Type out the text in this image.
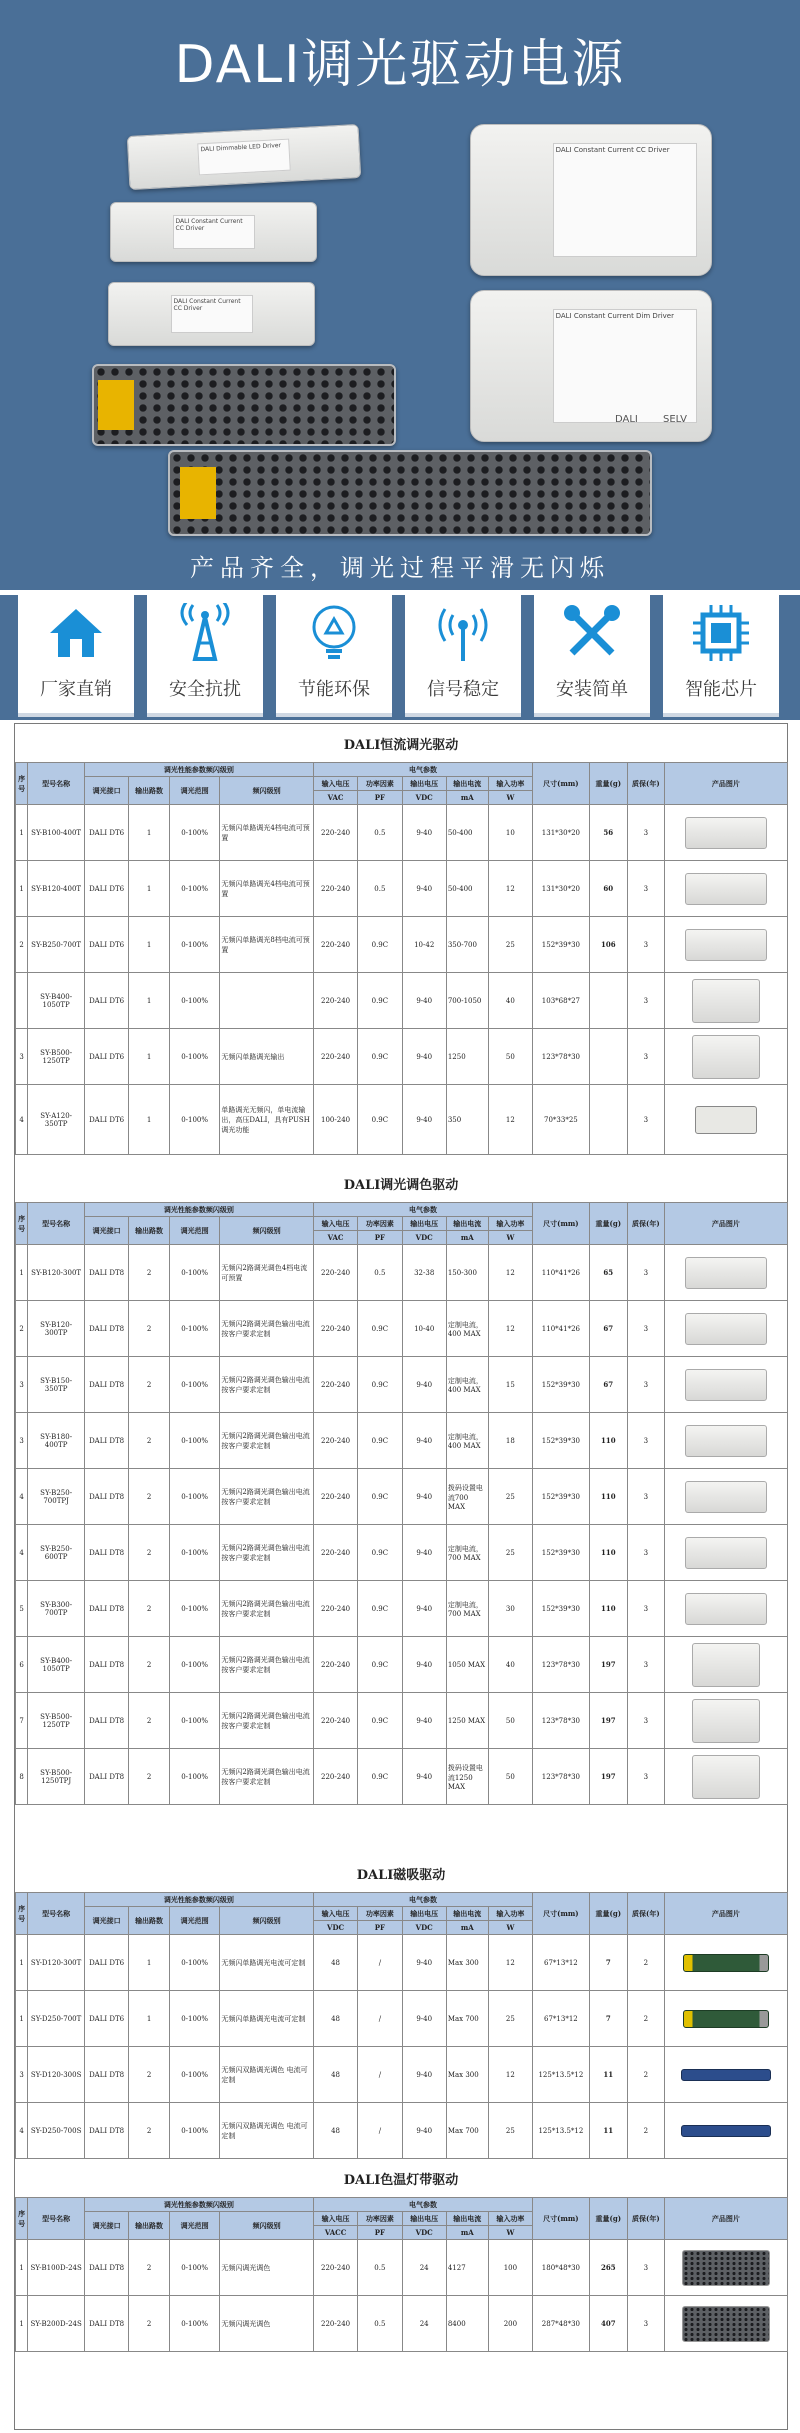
DALI调光驱动电源
DALI Dimmable LED Driver
DALI Constant Current CC Driver
DALI Constant Current CC Driver
DALI Constant Current CC Driver
DALI Constant Current Dim Driver
DALI	SELV
产品齐全，调光过程平滑无闪烁
厂家直销	安全抗扰	节能环保	信号稳定	安装简单	智能芯片
DALI恒流调光驱动
序号	型号名称	调光性能参数频闪级别				电气参数					尺寸(mm)	重量(g)	质保(年)	产品图片
		调光接口	输出路数	调光范围	频闪级别	输入电压	功率因素	输出电压	输出电流	输入功率				
						VAC	PF	VDC	mA	W				
1	SY-B100-400T	DALI DT6	1	0-100%	无频闪单路调光4档电流可预置	220-240	0.5	9-40	50-400	10	131*30*20	56	3	

1	SY-B120-400T	DALI DT6	1	0-100%	无频闪单路调光4档电流可预置	220-240	0.5	9-40	50-400	12	131*30*20	60	3	

2	SY-B250-700T	DALI DT6	1	0-100%	无频闪单路调光8档电流可预置	220-240	0.9C	10-42	350-700	25	152*39*30	106	3	

	SY-B400-1050TP	DALI DT6	1	0-100%		220-240	0.9C	9-40	700-1050	40	103*68*27		3	

3	SY-B500-1250TP	DALI DT6	1	0-100%	无频闪单路调光输出	220-240	0.9C	9-40	1250	50	123*78*30		3	

4	SY-A120-350TP	DALI DT6	1	0-100%	单路调光无频闪，单电流输出，高压DALI，具有PUSH调光功能	100-240	0.9C	9-40	350	12	70*33*25		3	
DALI调光调色驱动
序号	型号名称	调光性能参数频闪级别				电气参数					尺寸(mm)	重量(g)	质保(年)	产品图片
		调光接口	输出路数	调光范围	频闪级别	输入电压	功率因素	输出电压	输出电流	输入功率				
						VAC	PF	VDC	mA	W				
1	SY-B120-300T	DALI DT8	2	0-100%	无频闪2路调光调色4档电流可预置	220-240	0.5	32-38	150-300	12	110*41*26	65	3	

2	SY-B120-300TP	DALI DT8	2	0-100%	无频闪2路调光调色输出电流按客户要求定制	220-240	0.9C	10-40	定制电流，400 MAX	12	110*41*26	67	3	

3	SY-B150-350TP	DALI DT8	2	0-100%	无频闪2路调光调色输出电流按客户要求定制	220-240	0.9C	9-40	定制电流，400 MAX	15	152*39*30	67	3	

3	SY-B180-400TP	DALI DT8	2	0-100%	无频闪2路调光调色输出电流按客户要求定制	220-240	0.9C	9-40	定制电流，400 MAX	18	152*39*30	110	3	

4	SY-B250-700TPJ	DALI DT8	2	0-100%	无频闪2路调光调色输出电流按客户要求定制	220-240	0.9C	9-40	拨码设置电流700 MAX	25	152*39*30	110	3	

4	SY-B250-600TP	DALI DT8	2	0-100%	无频闪2路调光调色输出电流按客户要求定制	220-240	0.9C	9-40	定制电流，700 MAX	25	152*39*30	110	3	

5	SY-B300-700TP	DALI DT8	2	0-100%	无频闪2路调光调色输出电流按客户要求定制	220-240	0.9C	9-40	定制电流，700 MAX	30	152*39*30	110	3	

6	SY-B400-1050TP	DALI DT8	2	0-100%	无频闪2路调光调色输出电流按客户要求定制	220-240	0.9C	9-40	1050 MAX	40	123*78*30	197	3	

7	SY-B500-1250TP	DALI DT8	2	0-100%	无频闪2路调光调色输出电流按客户要求定制	220-240	0.9C	9-40	1250 MAX	50	123*78*30	197	3	

8	SY-B500-1250TPJ	DALI DT8	2	0-100%	无频闪2路调光调色输出电流按客户要求定制	220-240	0.9C	9-40	拨码设置电流1250 MAX	50	123*78*30	197	3	
DALI磁吸驱动
序号	型号名称	调光性能参数频闪级别				电气参数					尺寸(mm)	重量(g)	质保(年)	产品图片
		调光接口	输出路数	调光范围	频闪级别	输入电压	功率因素	输出电压	输出电流	输入功率				
						VDC	PF	VDC	mA	W				
1	SY-D120-300T	DALI DT6	1	0-100%	无频闪单路调光电流可定制	48	/	9-40	Max 300	12	67*13*12	7	2	

1	SY-D250-700T	DALI DT6	1	0-100%	无频闪单路调光电流可定制	48	/	9-40	Max 700	25	67*13*12	7	2	

3	SY-D120-300S	DALI DT8	2	0-100%	无频闪双路调光调色 电流可定制	48	/	9-40	Max 300	12	125*13.5*12	11	2	

4	SY-D250-700S	DALI DT8	2	0-100%	无频闪双路调光调色 电流可定制	48	/	9-40	Max 700	25	125*13.5*12	11	2	
DALI色温灯带驱动
序号	型号名称	调光性能参数频闪级别				电气参数					尺寸(mm)	重量(g)	质保(年)	产品图片
		调光接口	输出路数	调光范围	频闪级别	输入电压	功率因素	输出电压	输出电流	输入功率				
						VACC	PF	VDC	mA	W				
1	SY-B100D-24S	DALI DT8	2	0-100%	无频闪调光调色	220-240	0.5	24	4127	100	180*48*30	265	3	

1	SY-B200D-24S	DALI DT8	2	0-100%	无频闪调光调色	220-240	0.5	24	8400	200	287*48*30	407	3	
